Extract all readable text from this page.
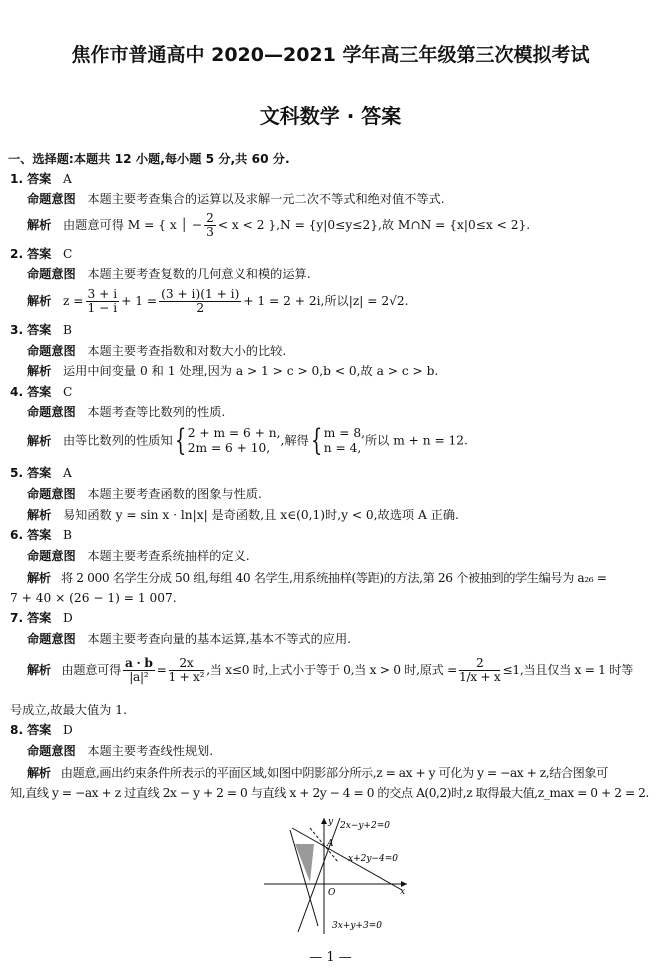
焦作市普通高中 2020—2021 学年高三年级第三次模拟考试
文科数学 · 答案
一、选择题:本题共 12 小题,每小题 5 分,共 60 分.
1. 答案 A
命题意图 本题主要考查集合的运算以及求解一元二次不等式和绝对值不等式.
解析 由题意可得 M = { x │ − $\frac{2}{3} < x < 2$ },N = {y|0≤y≤2},故 M∩N = {x|0≤x < 2}.
2. 答案 C
命题意图 本题主要考查复数的几何意义和模的运算.
解析 $z = \frac{3 + i}{1 - i} + 1 = \frac{(3 + i)(1 + i)}{2} + 1 = 2 + 2i$,所以|z| = 2√2.
3. 答案 B
命题意图 本题主要考查指数和对数大小的比较.
解析 运用中间变量 0 和 1 处理,因为 a > 1 > c > 0,b < 0,故 a > c > b.
4. 答案 C
命题意图 本题考查等比数列的性质.
解析 由等比数列的性质知{ 2 + m = 6 + n,
2m = 6 + 10,
,解得{ m = 8,
n = 4,
所以 m + n = 12.
5. 答案 A
命题意图 本题主要考查函数的图象与性质.
解析 易知函数 y = sin x · ln|x| 是奇函数,且 x∈(0,1)时,y < 0,故选项 A 正确.
6. 答案 B
命题意图 本题主要考查系统抽样的定义.
解析 将 2 000 名学生分成 50 组,每组 40 名学生,用系统抽样(等距)的方法,第 26 个被抽到的学生编号为 a₂₆ =
7 + 40 × (26 − 1) = 1 007.
7. 答案 D
命题意图 本题主要考查向量的基本运算,基本不等式的应用.
解析 由题意可得 $\frac{a \cdot b}{\text{|a|²}} = \frac{2x}{\text{1 + x²}}$ ,当 x≤0 时,上式小于等于 0,当 x > 0 时,原式 = $\frac{2}{1/x + x} \le 1$,当且仅当 x = 1 时等
号成立,故最大值为 1.
8. 答案 D
命题意图 本题主要考查线性规划.
解析 由题意,画出约束条件所表示的平面区域,如图中阴影部分所示,z = ax + y 可化为 y = −ax + z,结合图象可
知,直线 y = −ax + z 过直线 2x − y + 2 = 0 与直线 x + 2y − 4 = 0 的交点 A(0,2)时,z 取得最大值,z_max = 0 + 2 = 2.
2x−y+2=0
x+2y−4=0
3x+y+3=0
A
O	x
y
— 1 —
